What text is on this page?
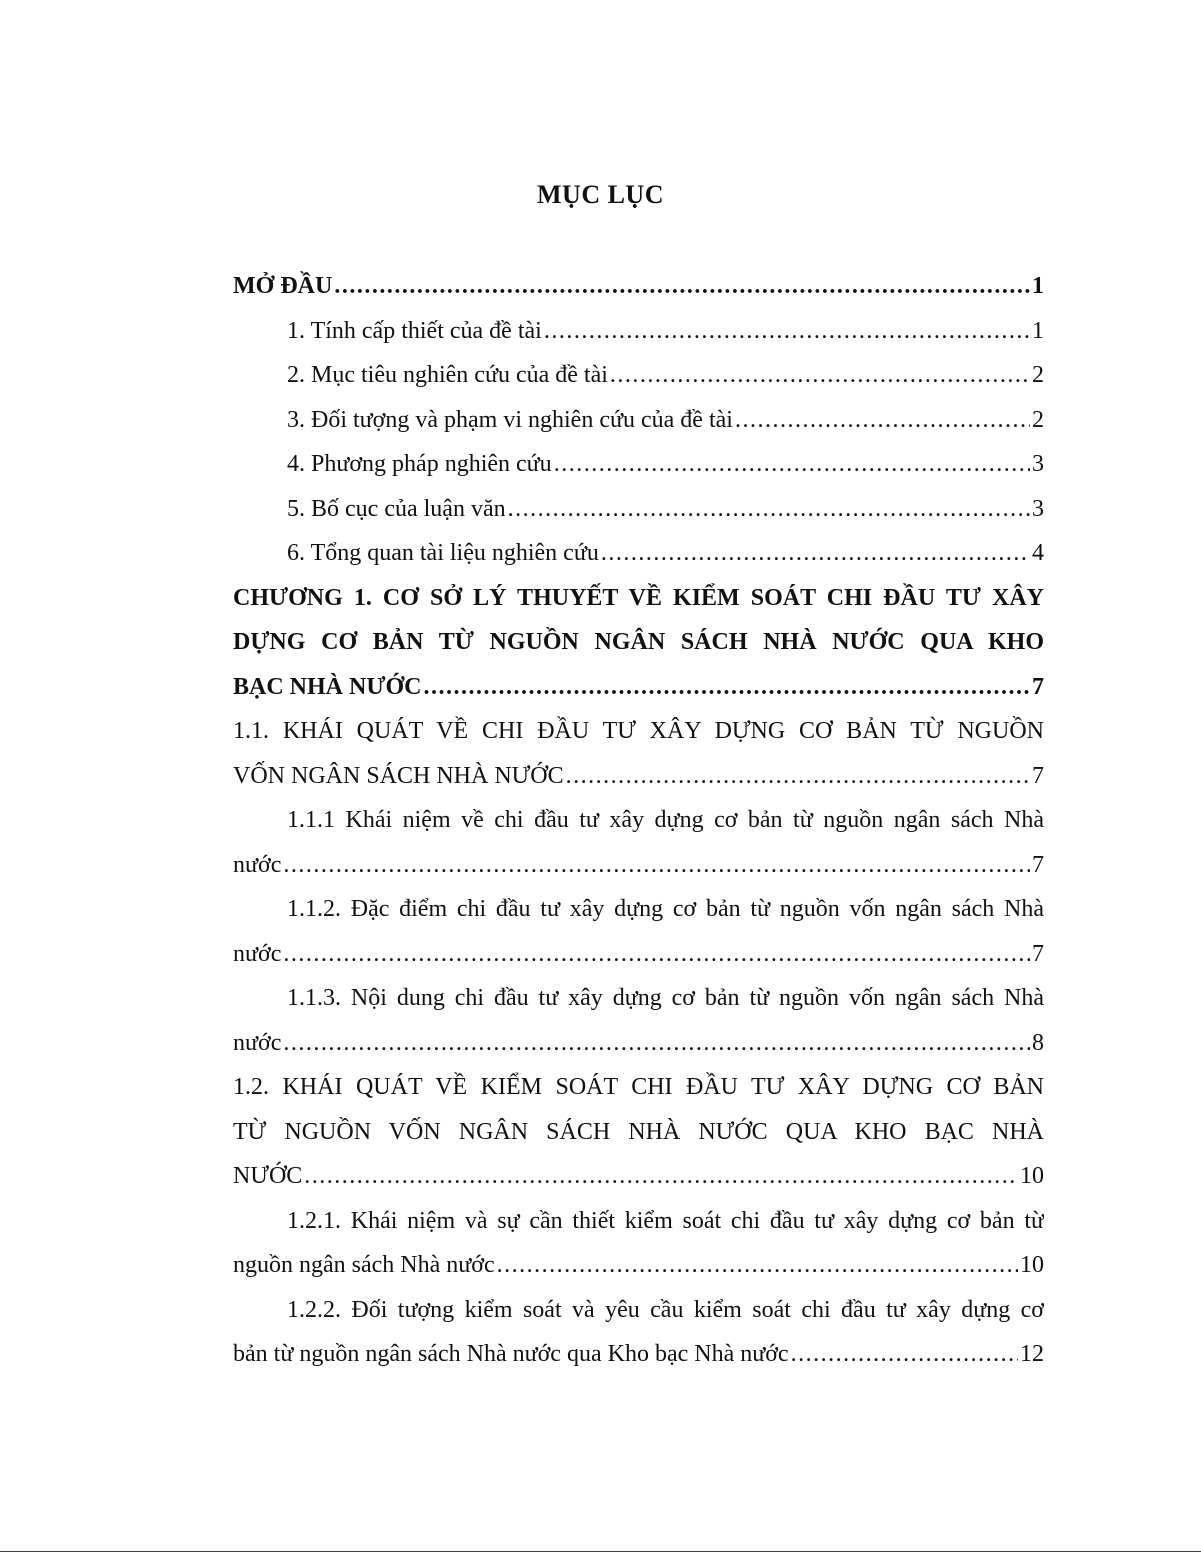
MỤC LỤC
MỞ ĐẦU .....	1
1. Tính cấp thiết của đề tài .....	1
2. Mục tiêu nghiên cứu của đề tài .....	2
3. Đối tượng và phạm vi nghiên cứu của đề tài .....	2
4. Phương pháp nghiên cứu .....	3
5. Bố cục của luận văn .....	3
6. Tổng quan tài liệu nghiên cứu .....	4
CHƯƠNG 1. CƠ SỞ LÝ THUYẾT VỀ KIỂM SOÁT CHI ĐẦU TƯ XÂY
DỰNG CƠ BẢN TỪ NGUỒN NGÂN SÁCH NHÀ NƯỚC QUA KHO
BẠC NHÀ NƯỚC .....	7
1.1. KHÁI QUÁT VỀ CHI ĐẦU TƯ XÂY DỰNG CƠ BẢN TỪ NGUỒN
VỐN NGÂN SÁCH NHÀ NƯỚC .....	7
1.1.1 Khái niệm về chi đầu tư xây dựng cơ bản từ nguồn ngân sách Nhà
nước .....	7
1.1.2. Đặc điểm chi đầu tư xây dựng cơ bản từ nguồn vốn ngân sách Nhà
nước .....	7
1.1.3. Nội dung chi đầu tư xây dựng cơ bản từ nguồn vốn ngân sách Nhà
nước .....	8
1.2. KHÁI QUÁT VỀ KIỂM SOÁT CHI ĐẦU TƯ XÂY DỰNG CƠ BẢN
TỪ NGUỒN VỐN NGÂN SÁCH NHÀ NƯỚC QUA KHO BẠC NHÀ
NƯỚC .....	10
1.2.1. Khái niệm và sự cần thiết kiểm soát chi đầu tư xây dựng cơ bản từ
nguồn ngân sách Nhà nước .....	10
1.2.2. Đối tượng kiểm soát và yêu cầu kiểm soát chi đầu tư xây dựng cơ
bản từ nguồn ngân sách Nhà nước qua Kho bạc Nhà nước .....	12
